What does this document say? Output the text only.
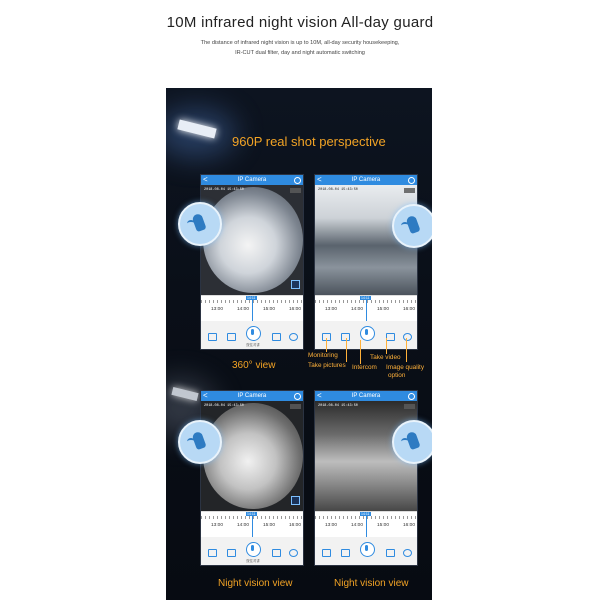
10M infrared night vision All-day guard
The distance of infrared night vision is up to 10M, all-day security housekeeping,
IR-CUT dual filter, day and night automatic switching
960P real shot perspective
<	IP Camera
2018-08-04 15:43:50
14:11
13:00	14:00	15:00	16:00
按住对讲
<	IP Camera
2018-08-04 15:43:50
14:11
13:00	14:00	15:00	16:00
Monitoring
Take pictures Intercom
Take video
Image quality
option
360° view
<	IP Camera
2018-08-04 15:43:50
14:11
13:00	14:00	15:00	16:00
按住对讲
<	IP Camera
2018-08-04 15:43:50
14:11
13:00	14:00	15:00	16:00
Night vision view	Night vision view
